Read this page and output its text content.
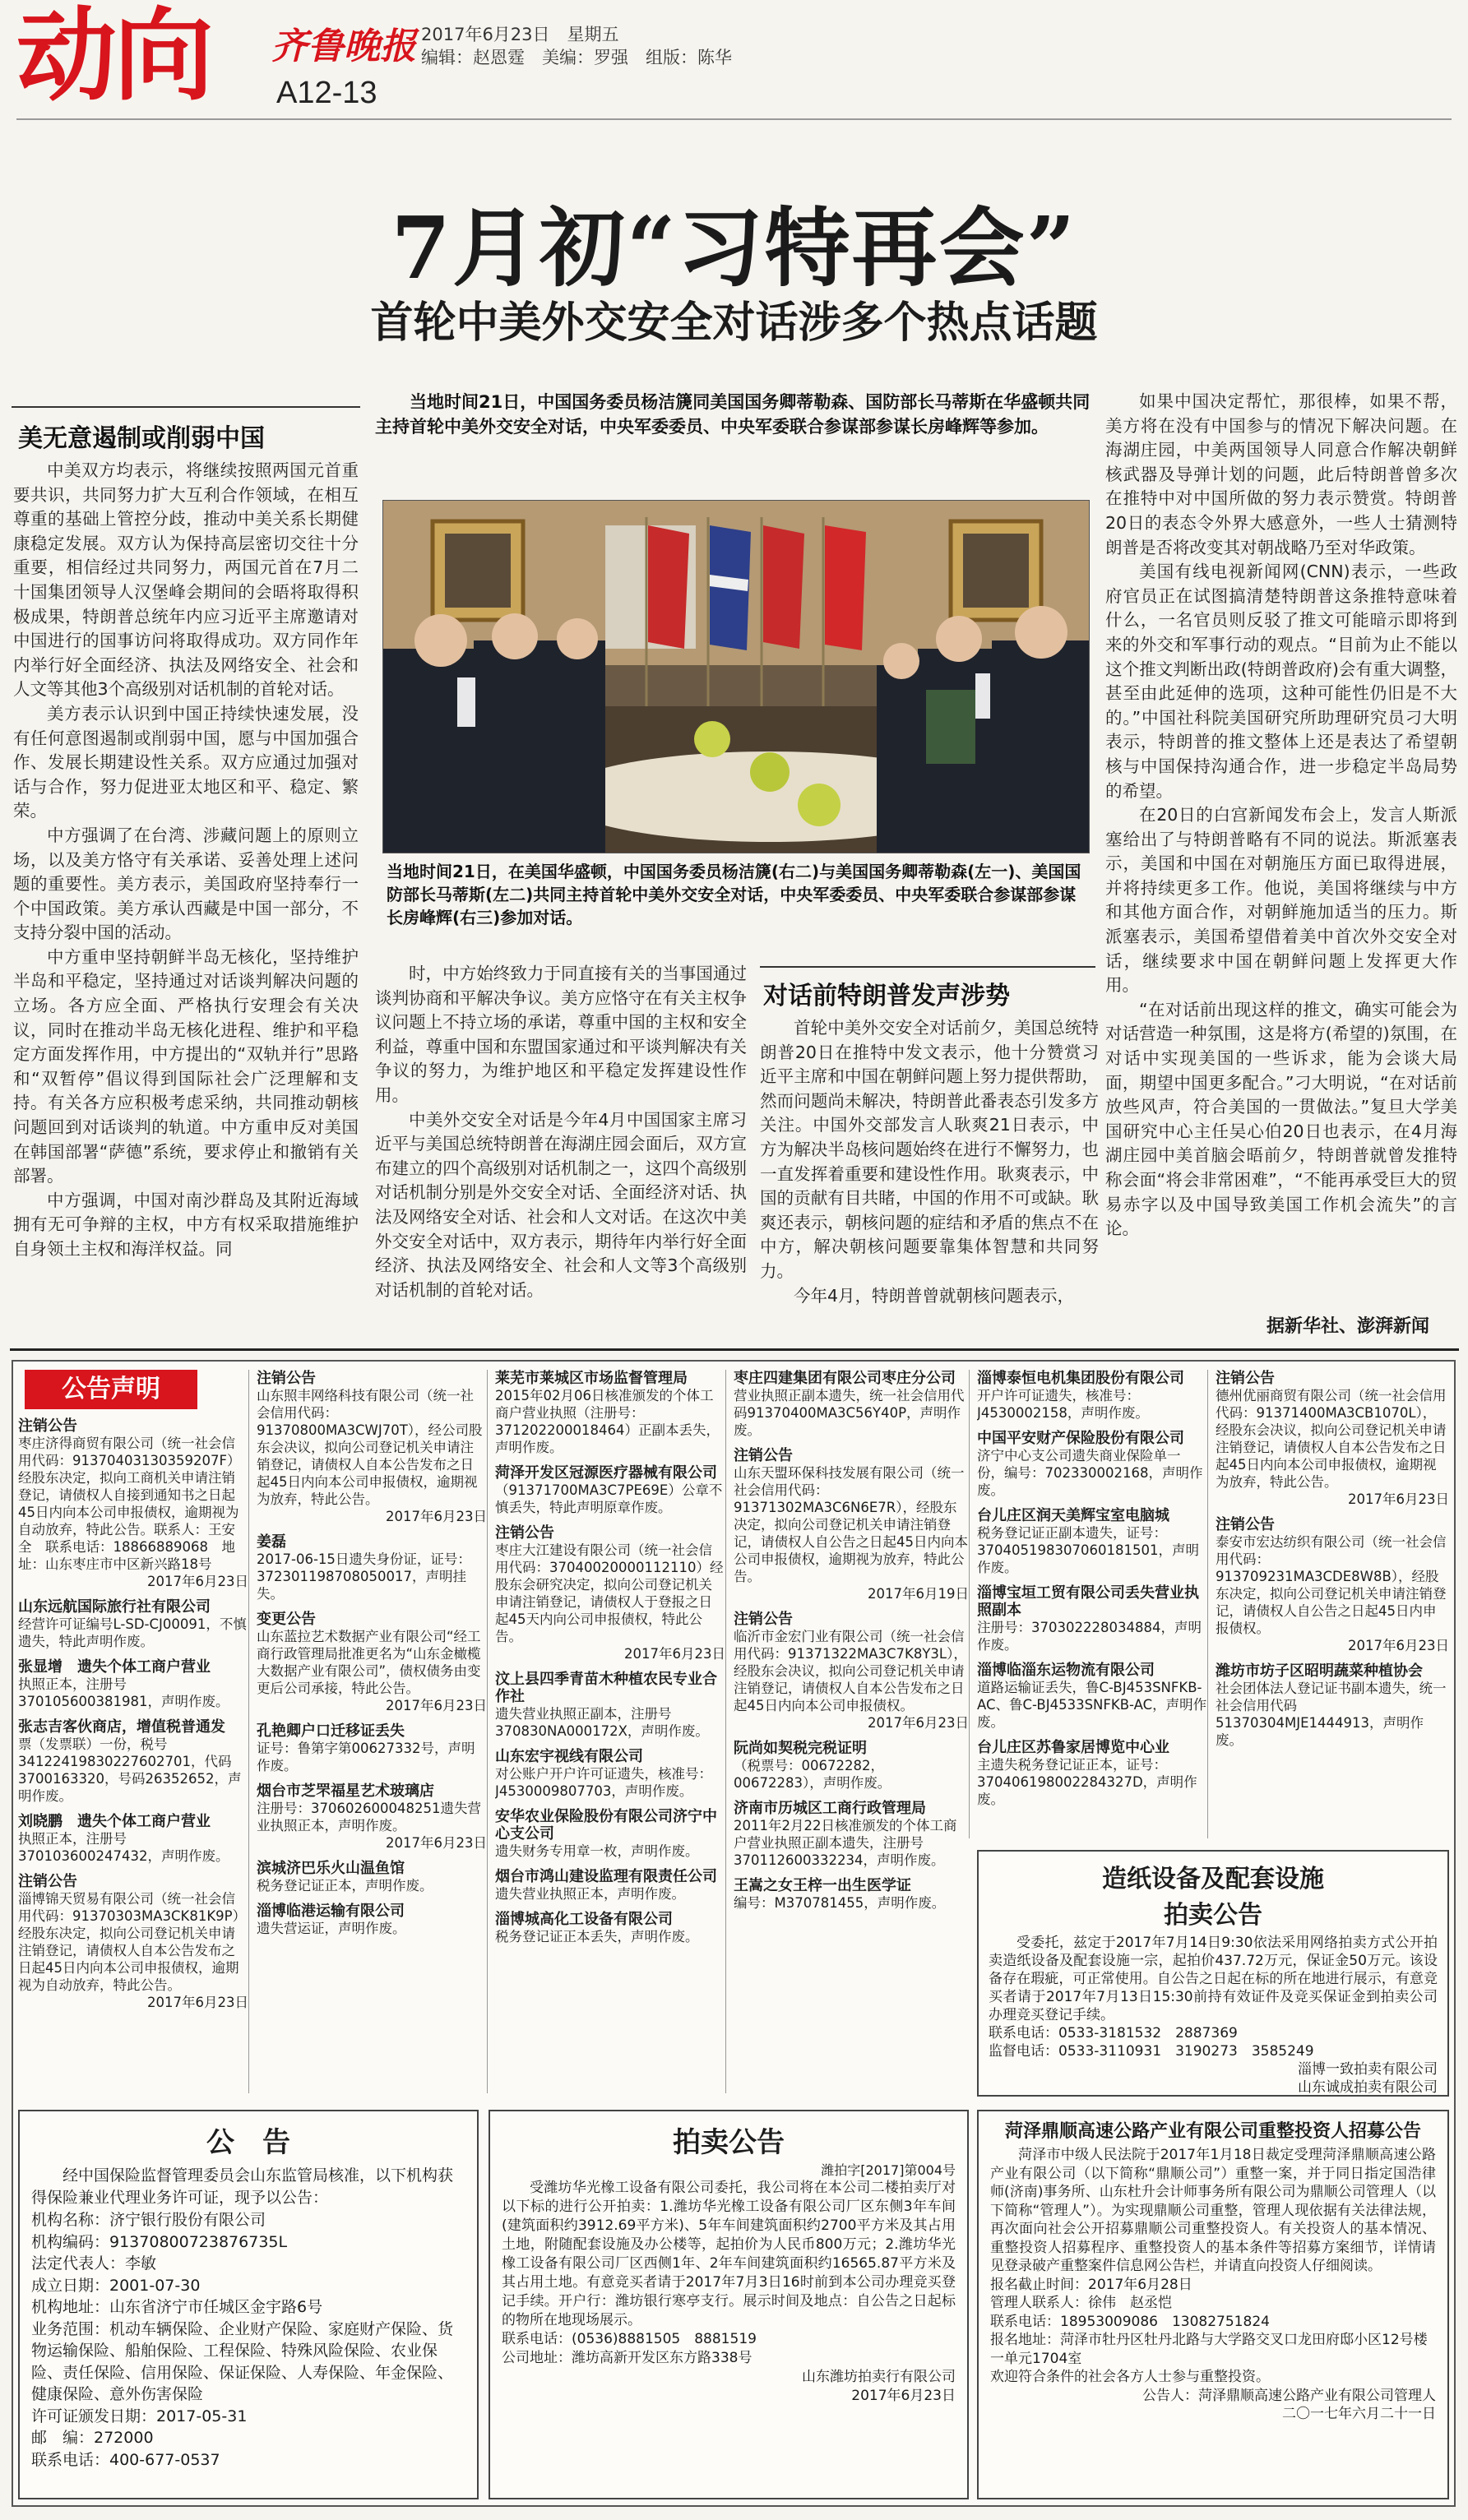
动向 齐鲁晚报 2017年6月23日　星期五
编辑：赵恩霆　美编：罗强　组版：陈华
A12-13
7月初“习特再会”
首轮中美外交安全对话涉多个热点话题
当地时间21日，中国国务委员杨洁篪同美国国务卿蒂勒森、国防部长马蒂斯在华盛顿共同主持首轮中美外交安全对话，中央军委委员、中央军委联合参谋部参谋长房峰辉等参加。
当地时间21日，在美国华盛顿，中国国务委员杨洁篪(右二)与美国国务卿蒂勒森(左一)、美国国防部长马蒂斯(左二)共同主持首轮中美外交安全对话，中央军委委员、中央军委联合参谋部参谋长房峰辉(右三)参加对话。
美无意遏制或削弱中国

中美双方均表示，将继续按照两国元首重要共识，共同努力扩大互利合作领域，在相互尊重的基础上管控分歧，推动中美关系长期健康稳定发展。双方认为保持高层密切交往十分重要，相信经过共同努力，两国元首在7月二十国集团领导人汉堡峰会期间的会晤将取得积极成果，特朗普总统年内应习近平主席邀请对中国进行的国事访问将取得成功。双方同作年内举行好全面经济、执法及网络安全、社会和人文等其他3个高级别对话机制的首轮对话。

美方表示认识到中国正持续快速发展，没有任何意图遏制或削弱中国，愿与中国加强合作、发展长期建设性关系。双方应通过加强对话与合作，努力促进亚太地区和平、稳定、繁荣。

中方强调了在台湾、涉藏问题上的原则立场，以及美方恪守有关承诺、妥善处理上述问题的重要性。美方表示，美国政府坚持奉行一个中国政策。美方承认西藏是中国一部分，不支持分裂中国的活动。

中方重申坚持朝鲜半岛无核化，坚持维护半岛和平稳定，坚持通过对话谈判解决问题的立场。各方应全面、严格执行安理会有关决议，同时在推动半岛无核化进程、维护和平稳定方面发挥作用，中方提出的“双轨并行”思路和“双暂停”倡议得到国际社会广泛理解和支持。有关各方应积极考虑采纳，共同推动朝核问题回到对话谈判的轨道。中方重申反对美国在韩国部署“萨德”系统，要求停止和撤销有关部署。

中方强调，中国对南沙群岛及其附近海域拥有无可争辩的主权，中方有权采取措施维护自身领土主权和海洋权益。同

时，中方始终致力于同直接有关的当事国通过谈判协商和平解决争议。美方应恪守在有关主权争议问题上不持立场的承诺，尊重中国的主权和安全利益，尊重中国和东盟国家通过和平谈判解决有关争议的努力，为维护地区和平稳定发挥建设性作用。

中美外交安全对话是今年4月中国国家主席习近平与美国总统特朗普在海湖庄园会面后，双方宣布建立的四个高级别对话机制之一，这四个高级别对话机制分别是外交安全对话、全面经济对话、执法及网络安全对话、社会和人文对话。在这次中美外交安全对话中，双方表示，期待年内举行好全面经济、执法及网络安全、社会和人文等3个高级别对话机制的首轮对话。

对话前特朗普发声涉势

首轮中美外交安全对话前夕，美国总统特朗普20日在推特中发文表示，他十分赞赏习近平主席和中国在朝鲜问题上努力提供帮助，然而问题尚未解决，特朗普此番表态引发多方关注。中国外交部发言人耿爽21日表示，中方为解决半岛核问题始终在进行不懈努力，也一直发挥着重要和建设性作用。耿爽表示，中国的贡献有目共睹，中国的作用不可或缺。耿爽还表示，朝核问题的症结和矛盾的焦点不在中方，解决朝核问题要靠集体智慧和共同努力。

今年4月，特朗普曾就朝核问题表示，

如果中国决定帮忙，那很棒，如果不帮，美方将在没有中国参与的情况下解决问题。在海湖庄园，中美两国领导人同意合作解决朝鲜核武器及导弹计划的问题，此后特朗普曾多次在推特中对中国所做的努力表示赞赏。特朗普20日的表态令外界大感意外，一些人士猜测特朗普是否将改变其对朝战略乃至对华政策。

美国有线电视新闻网(CNN)表示，一些政府官员正在试图搞清楚特朗普这条推特意味着什么，一名官员则反驳了推文可能暗示即将到来的外交和军事行动的观点。“目前为止不能以这个推文判断出政(特朗普政府)会有重大调整，甚至由此延伸的选项，这种可能性仍旧是不大的。”中国社科院美国研究所助理研究员刁大明表示，特朗普的推文整体上还是表达了希望朝核与中国保持沟通合作，进一步稳定半岛局势的希望。

在20日的白宫新闻发布会上，发言人斯派塞给出了与特朗普略有不同的说法。斯派塞表示，美国和中国在对朝施压方面已取得进展，并将持续更多工作。他说，美国将继续与中方和其他方面合作，对朝鲜施加适当的压力。斯派塞表示，美国希望借着美中首次外交安全对话，继续要求中国在朝鲜问题上发挥更大作用。

“在对话前出现这样的推文，确实可能会为对话营造一种氛围，这是将方(希望的)氛围，在对话中实现美国的一些诉求，能为会谈大局面，期望中国更多配合。”刁大明说，“在对话前放些风声，符合美国的一贯做法。”复旦大学美国研究中心主任吴心伯20日也表示，在4月海湖庄园中美首脑会晤前夕，特朗普就曾发推特称会面“将会非常困难”，“不能再承受巨大的贸易赤字以及中国导致美国工作机会流失”的言论。

据新华社、澎湃新闻
公告声明
注销公告
枣庄济得商贸有限公司（统一社会信用代码：91370403130359207F）经股东决定，拟向工商机关申请注销登记，请债权人自接到通知书之日起45日内向本公司申报债权，逾期视为自动放弃，特此公告。联系人：王安全　联系电话：18866889068　地址：山东枣庄市中区新兴路18号
2017年6月23日
山东远航国际旅行社有限公司
经营许可证编号L-SD-CJ00091，不慎遗失，特此声明作废。
张显增　遗失个体工商户营业
执照正本，注册号370105600381981，声明作废。
张志吉客伙商店，增值税普通发
票（发票联）一份，税号34122419830227602701，代码3700163320，号码26352652，声明作废。
刘晓鹏　遗失个体工商户营业
执照正本，注册号370103600247432，声明作废。
注销公告
淄博锦天贸易有限公司（统一社会信用代码：91370303MA3CK81K9P）经股东决定，拟向公司登记机关申请注销登记，请债权人自本公告发布之日起45日内向本公司申报债权，逾期视为自动放弃，特此公告。
2017年6月23日
注销公告
山东照丰网络科技有限公司（统一社会信用代码：91370800MA3CWJ70T），经公司股东会决议，拟向公司登记机关申请注销登记，请债权人自本公告发布之日起45日内向本公司申报债权，逾期视为放弃，特此公告。
2017年6月23日
姜磊
2017-06-15日遗失身份证，证号：372301198708050017，声明挂失。
变更公告
山东蓝拉艺术数据产业有限公司“经工商行政管理局批准更名为“山东金橄榄大数据产业有限公司”，债权债务由变更后公司承接，特此公告。
2017年6月23日
孔艳卿户口迁移证丢失
证号：鲁第字第00627332号，声明作废。
烟台市芝罘福星艺术玻璃店
注册号：370602600048251遗失营业执照正本，声明作废。
2017年6月23日
滨城济巴乐火山温鱼馆
税务登记证正本，声明作废。
淄博临港运输有限公司
遗失营运证，声明作废。
莱芜市莱城区市场监督管理局
2015年02月06日核准颁发的个体工商户营业执照（注册号：371202200018464）正副本丢失，声明作废。
菏泽开发区冠源医疗器械有限公司
（91371700MA3C7PE69E）公章不慎丢失，特此声明原章作废。
注销公告
枣庄大江建设有限公司（统一社会信用代码：37040020000112110）经股东会研究决定，拟向公司登记机关申请注销登记，请债权人于登报之日起45天内向公司申报债权，特此公告。
2017年6月23日
汶上县四季青苗木种植农民专业合作社
遗失营业执照正副本，注册号370830NA000172X，声明作废。
山东宏宇视线有限公司
对公账户开户许可证遗失，核准号：J4530009807703，声明作废。
安华农业保险股份有限公司济宁中心支公司
遗失财务专用章一枚，声明作废。
烟台市鸿山建设监理有限责任公司
遗失营业执照正本，声明作废。
淄博城高化工设备有限公司
税务登记证正本丢失，声明作废。
枣庄四建集团有限公司枣庄分公司
营业执照正副本遗失，统一社会信用代码91370400MA3C56Y40P，声明作废。
注销公告
山东天盟环保科技发展有限公司（统一社会信用代码：91371302MA3C6N6E7R），经股东决定，拟向公司登记机关申请注销登记，请债权人自公告之日起45日内向本公司申报债权，逾期视为放弃，特此公告。
2017年6月19日
注销公告
临沂市金宏门业有限公司（统一社会信用代码：91371322MA3C7K8Y3L），经股东会决议，拟向公司登记机关申请注销登记，请债权人自本公告发布之日起45日内向本公司申报债权。
2017年6月23日
阮尚如契税完税证明
（税票号：00672282，00672283），声明作废。
济南市历城区工商行政管理局
2011年2月22日核准颁发的个体工商户营业执照正副本遗失，注册号370112600332234，声明作废。
王嵩之女王梓一出生医学证
编号：M370781455，声明作废。
淄博泰恒电机集团股份有限公司
开户许可证遗失，核准号：J4530002158，声明作废。
中国平安财产保险股份有限公司
济宁中心支公司遗失商业保险单一份，编号：702330002168，声明作废。
台儿庄区润天美辉宝室电脑城
税务登记证正副本遗失，证号：370405198307060181501，声明作废。
淄博宝垣工贸有限公司丢失营业执照副本
注册号：370302228034884，声明作废。
淄博临淄东运物流有限公司
道路运输证丢失，鲁C-BJ453SNFKB-AC、鲁C-BJ4533SNFKB-AC，声明作废。
台儿庄区苏鲁家居博览中心业
主遗失税务登记证正本，证号：370406198002284327D，声明作废。
注销公告
德州优丽商贸有限公司（统一社会信用代码：91371400MA3CB1070L），经股东会决议，拟向公司登记机关申请注销登记，请债权人自本公告发布之日起45日内向本公司申报债权，逾期视为放弃，特此公告。
2017年6月23日
注销公告
泰安市宏达纺织有限公司（统一社会信用代码：913709231MA3CDE8W8B），经股东决定，拟向公司登记机关申请注销登记，请债权人自公告之日起45日内申报债权。
2017年6月23日
潍坊市坊子区昭明蔬菜种植协会
社会团体法人登记证书副本遗失，统一社会信用代码51370304MJE1444913，声明作废。
造纸设备及配套设施
拍卖公告
受委托，兹定于2017年7月14日9:30依法采用网络拍卖方式公开拍卖造纸设备及配套设施一宗，起拍价437.72万元，保证金50万元。该设备存在瑕疵，可正常使用。自公告之日起在标的所在地进行展示，有意竞买者请于2017年7月13日15:30前持有效证件及竞买保证金到拍卖公司办理竞买登记手续。
联系电话：0533-3181532　2887369
监督电话：0533-3110931　3190273　3585249
淄博一致拍卖有限公司
山东诚成拍卖有限公司
公　告
经中国保险监督管理委员会山东监管局核准，以下机构获得保险兼业代理业务许可证，现予以公告：
机构名称：济宁银行股份有限公司
机构编码：91370800723876735L
法定代表人：李敏
成立日期：2001-07-30
机构地址：山东省济宁市任城区金宇路6号
业务范围：机动车辆保险、企业财产保险、家庭财产保险、货物运输保险、船舶保险、工程保险、特殊风险保险、农业保险、责任保险、信用保险、保证保险、人寿保险、年金保险、健康保险、意外伤害保险
许可证颁发日期：2017-05-31
邮　编：272000
联系电话：400-677-0537
拍卖公告
潍拍字[2017]第004号
受潍坊华光橡工设备有限公司委托，我公司将在本公司二楼拍卖厅对以下标的进行公开拍卖：1.潍坊华光橡工设备有限公司厂区东侧3年车间(建筑面积约3912.69平方米)、5年车间建筑面积约2700平方米及其占用土地，附随配套设施及办公楼等，起拍价为人民币800万元；2.潍坊华光橡工设备有限公司厂区西侧1年、2年车间建筑面积约16565.87平方米及其占用土地。有意竞买者请于2017年7月3日16时前到本公司办理竞买登记手续。开户行：潍坊银行寒亭支行。展示时间及地点：自公告之日起标的物所在地现场展示。
联系电话：(0536)8881505　8881519
公司地址：潍坊高新开发区东方路338号
山东潍坊拍卖行有限公司
2017年6月23日
菏泽鼎顺高速公路产业有限公司重整投资人招募公告
菏泽市中级人民法院于2017年1月18日裁定受理菏泽鼎顺高速公路产业有限公司（以下简称“鼎顺公司”）重整一案，并于同日指定国浩律师(济南)事务所、山东杜升会计师事务所有限公司为鼎顺公司管理人（以下简称“管理人”）。为实现鼎顺公司重整，管理人现依据有关法律法规，再次面向社会公开招募鼎顺公司重整投资人。有关投资人的基本情况、重整投资人招募程序、重整投资人的基本条件等招募方案细节，详情请见登录破产重整案件信息网公告栏，并请直向投资人仔细阅读。
报名截止时间：2017年6月28日
管理人联系人：徐伟　赵丞恺
联系电话：18953009086　13082751824
报名地址：菏泽市牡丹区牡丹北路与大学路交叉口龙田府邸小区12号楼一单元1704室
欢迎符合条件的社会各方人士参与重整投资。
公告人：菏泽鼎顺高速公路产业有限公司管理人
二〇一七年六月二十一日
